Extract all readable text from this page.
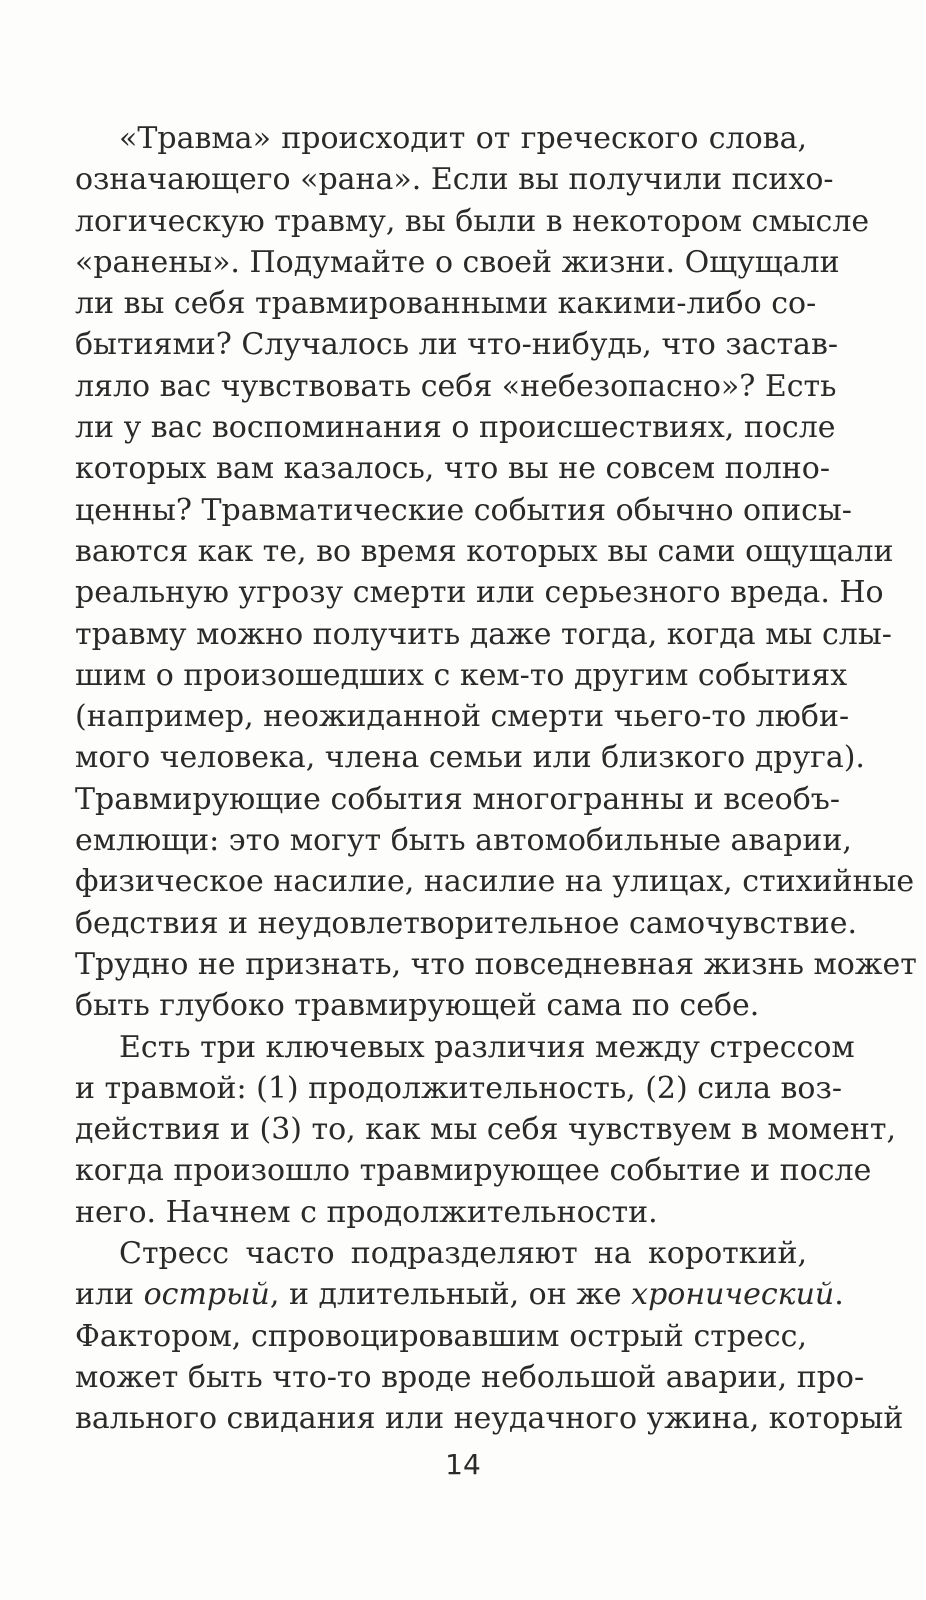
«Травма» происходит от греческого слова,
означающего «рана». Если вы получили психо-
логическую травму, вы были в некотором смысле
«ранены». Подумайте о своей жизни. Ощущали
ли вы себя травмированными какими-либо со-
бытиями? Случалось ли что-нибудь, что застав-
ляло вас чувствовать себя «небезопасно»? Есть
ли у вас воспоминания о происшествиях, после
которых вам казалось, что вы не совсем полно-
ценны? Травматические события обычно описы-
ваются как те, во время которых вы сами ощущали
реальную угрозу смерти или серьезного вреда. Но
травму можно получить даже тогда, когда мы слы-
шим о произошедших с кем-то другим событиях
(например, неожиданной смерти чьего-то люби-
мого человека, члена семьи или близкого друга).
Травмирующие события многогранны и всеобъ-
емлющи: это могут быть автомобильные аварии,
физическое насилие, насилие на улицах, стихийные
бедствия и неудовлетворительное самочувствие.
Трудно не признать, что повседневная жизнь может
быть глубоко травмирующей сама по себе.

Есть три ключевых различия между стрессом
и травмой: (1) продолжительность, (2) сила воз-
действия и (3) то, как мы себя чувствуем в момент,
когда произошло травмирующее событие и после
него. Начнем с продолжительности.

Стресс часто подразделяют на короткий,
или острый, и длительный, он же хронический.
Фактором, спровоцировавшим острый стресс,
может быть что-то вроде небольшой аварии, про-
вального свидания или неудачного ужина, который

14
